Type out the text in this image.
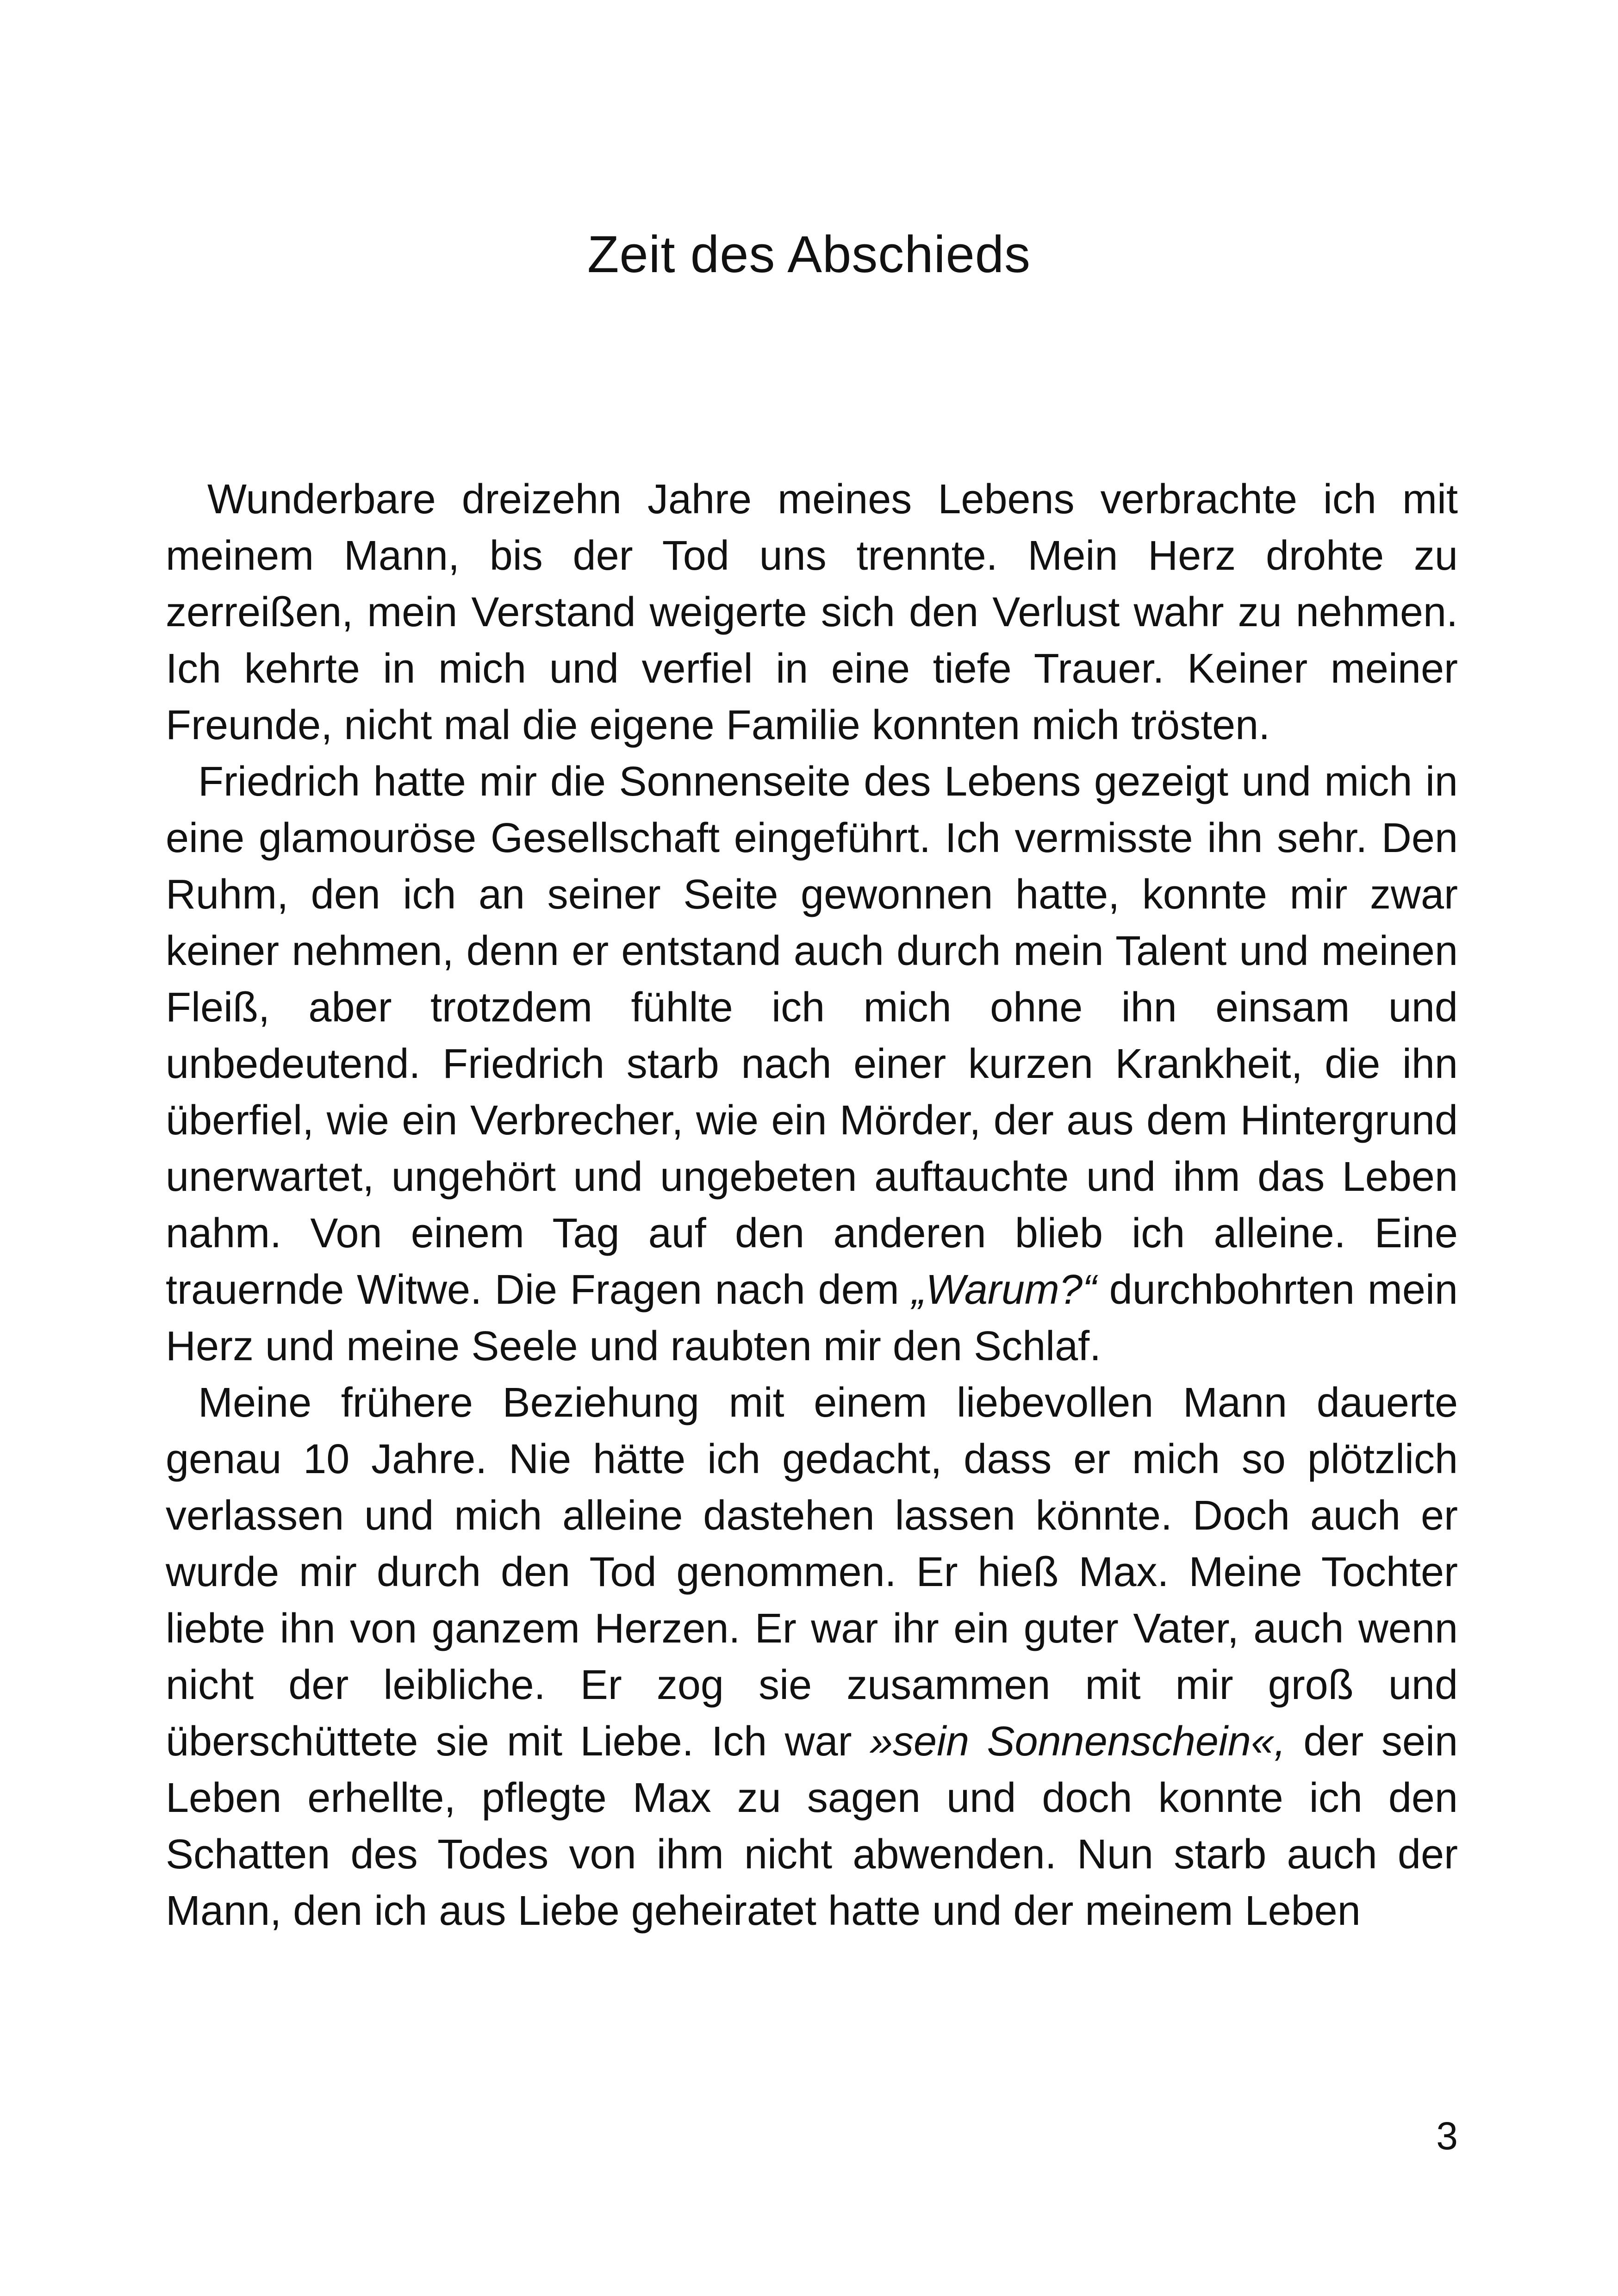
Zeit des Abschieds

Wunderbare dreizehn Jahre meines Lebens verbrachte ich mit meinem Mann, bis der Tod uns trennte. Mein Herz drohte zu zerreißen, mein Verstand weigerte sich den Verlust wahr zu nehmen. Ich kehrte in mich und verfiel in eine tiefe Trauer. Keiner meiner Freunde, nicht mal die eigene Familie konnten mich trösten.

Friedrich hatte mir die Sonnenseite des Lebens gezeigt und mich in eine glamouröse Gesellschaft eingeführt. Ich vermisste ihn sehr. Den Ruhm, den ich an seiner Seite gewonnen hatte, konnte mir zwar keiner nehmen, denn er entstand auch durch mein Talent und meinen Fleiß, aber trotzdem fühlte ich mich ohne ihn einsam und unbedeutend. Friedrich starb nach einer kurzen Krankheit, die ihn überfiel, wie ein Verbrecher, wie ein Mörder, der aus dem Hintergrund unerwartet, ungehört und ungebeten auftauchte und ihm das Leben nahm. Von einem Tag auf den anderen blieb ich alleine. Eine trauernde Witwe. Die Fragen nach dem „Warum?“ durchbohrten mein Herz und meine Seele und raubten mir den Schlaf.

Meine frühere Beziehung mit einem liebevollen Mann dauerte genau 10 Jahre. Nie hätte ich gedacht, dass er mich so plötzlich verlassen und mich alleine dastehen lassen könnte. Doch auch er wurde mir durch den Tod genommen. Er hieß Max. Meine Tochter liebte ihn von ganzem Herzen. Er war ihr ein guter Vater, auch wenn nicht der leibliche. Er zog sie zusammen mit mir groß und überschüttete sie mit Liebe. Ich war »sein Sonnenschein«, der sein Leben erhellte, pflegte Max zu sagen und doch konnte ich den Schatten des Todes von ihm nicht abwenden. Nun starb auch der Mann, den ich aus Liebe geheiratet hatte und der meinem Leben

3
